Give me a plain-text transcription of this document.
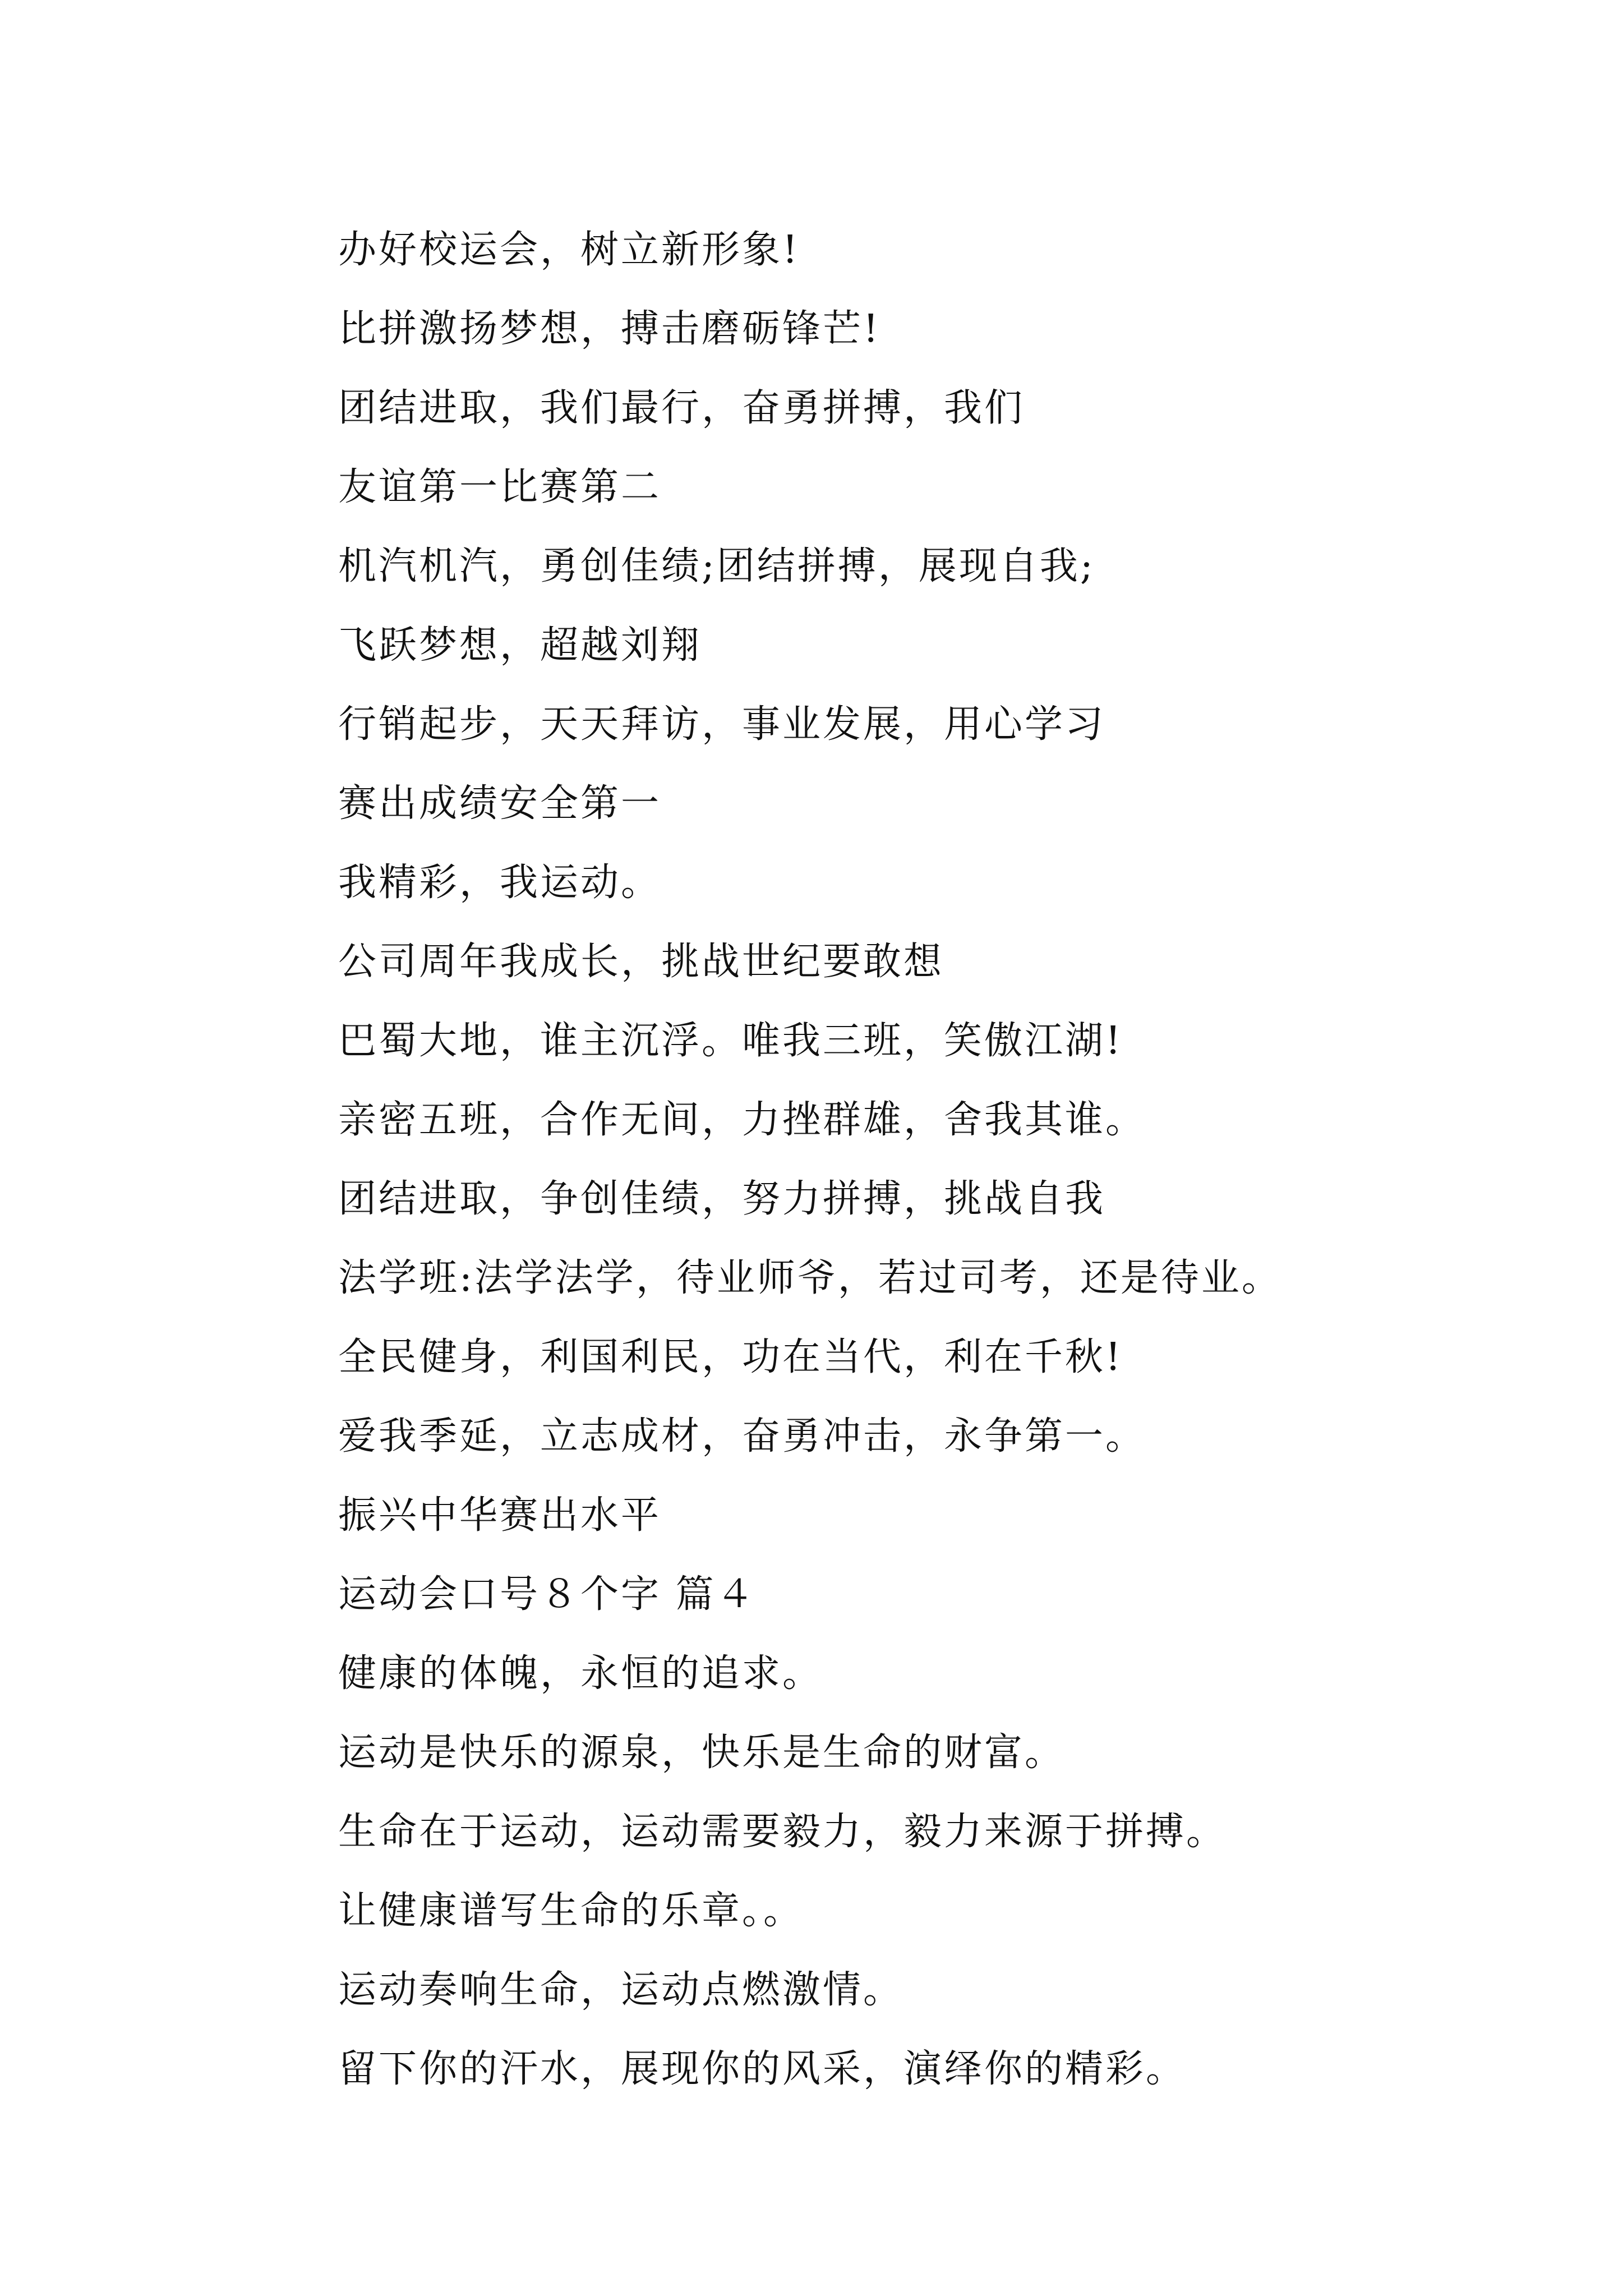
办好校运会，树立新形象!
比拼激扬梦想，搏击磨砺锋芒!
团结进取，我们最行，奋勇拼搏，我们
友谊第一比赛第二
机汽机汽，勇创佳绩;团结拼搏，展现自我;
飞跃梦想，超越刘翔
行销起步，天天拜访，事业发展，用心学习
赛出成绩安全第一
我精彩，我运动。
公司周年我成长，挑战世纪要敢想
巴蜀大地，谁主沉浮。唯我三班，笑傲江湖!
亲密五班，合作无间，力挫群雄，舍我其谁。
团结进取，争创佳绩，努力拼搏，挑战自我
法学班:法学法学，待业师爷，若过司考，还是待业。
全民健身，利国利民，功在当代，利在千秋!
爱我季延，立志成材，奋勇冲击，永争第一。
振兴中华赛出水平
运动会口号８个字 篇４
健康的体魄，永恒的追求。
运动是快乐的源泉，快乐是生命的财富。
生命在于运动，运动需要毅力，毅力来源于拼搏。
让健康谱写生命的乐章。。
运动奏响生命，运动点燃激情。
留下你的汗水，展现你的风采，演绎你的精彩。
